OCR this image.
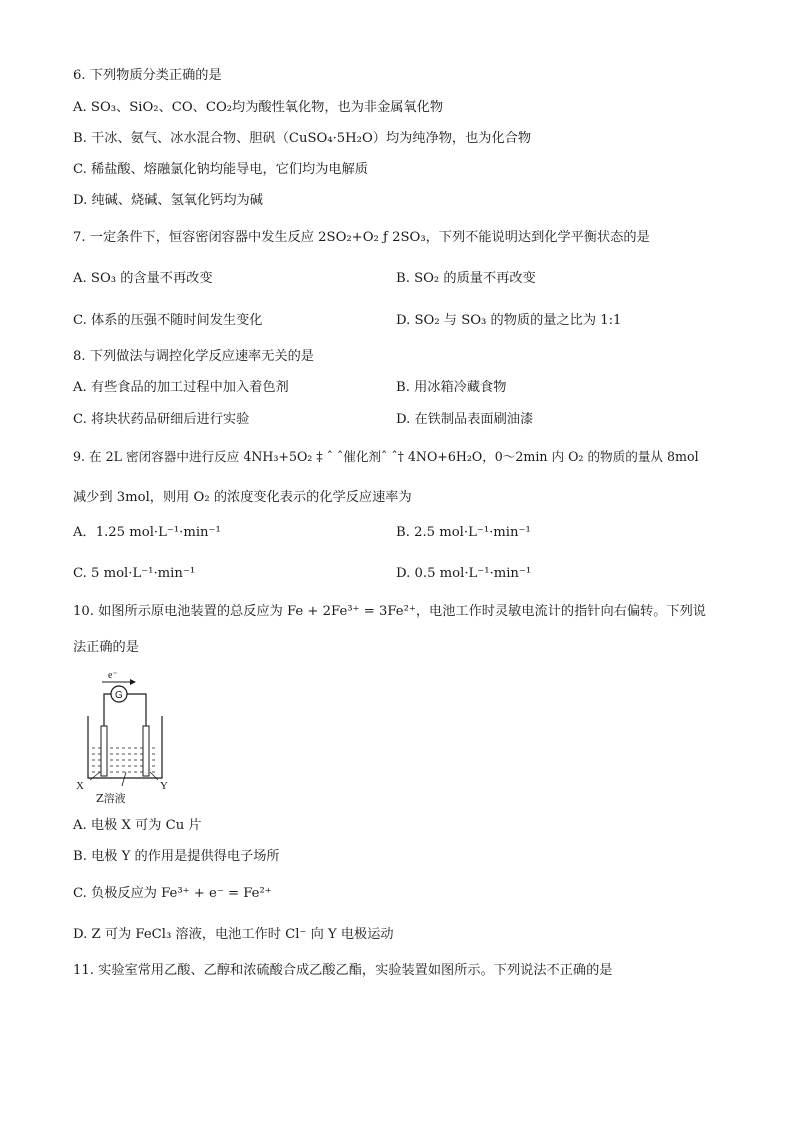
6. 下列物质分类正确的是
A. SO₃、SiO₂、CO、CO₂均为酸性氧化物，也为非金属氧化物
B. 干冰、氨气、冰水混合物、胆矾（CuSO₄·5H₂O）均为纯净物，也为化合物
C. 稀盐酸、熔融氯化钠均能导电，它们均为电解质
D. 纯碱、烧碱、氢氧化钙均为碱
7. 一定条件下，恒容密闭容器中发生反应 2SO₂+O₂ ƒ 2SO₃，下列不能说明达到化学平衡状态的是
A. SO₃ 的含量不再改变	B. SO₂ 的质量不再改变
C. 体系的压强不随时间发生变化	D. SO₂ 与 SO₃ 的物质的量之比为 1:1
8. 下列做法与调控化学反应速率无关的是
A. 有些食品的加工过程中加入着色剂	B. 用冰箱冷藏食物
C. 将块状药品研细后进行实验	D. 在铁制品表面刷油漆
9. 在 2L 密闭容器中进行反应 4NH₃+5O₂ ‡ ˆ ˆ催化剂ˆ ˆ† 4NO+6H₂O，0～2min 内 O₂ 的物质的量从 8mol
减少到 3mol，则用 O₂ 的浓度变化表示的化学反应速率为
A．1.25 mol·L⁻¹·min⁻¹	B. 2.5 mol·L⁻¹·min⁻¹
C. 5 mol·L⁻¹·min⁻¹	D. 0.5 mol·L⁻¹·min⁻¹
10. 如图所示原电池装置的总反应为 Fe + 2Fe³⁺ = 3Fe²⁺，电池工作时灵敏电流计的指针向右偏转。下列说
法正确的是
e⁻
G
X	Y
Z溶液
A. 电极 X 可为 Cu 片
B. 电极 Y 的作用是提供得电子场所
C. 负极反应为 Fe³⁺ + e⁻ = Fe²⁺
D. Z 可为 FeCl₃ 溶液，电池工作时 Cl⁻ 向 Y 电极运动
11. 实验室常用乙酸、乙醇和浓硫酸合成乙酸乙酯，实验装置如图所示。下列说法不正确的是
